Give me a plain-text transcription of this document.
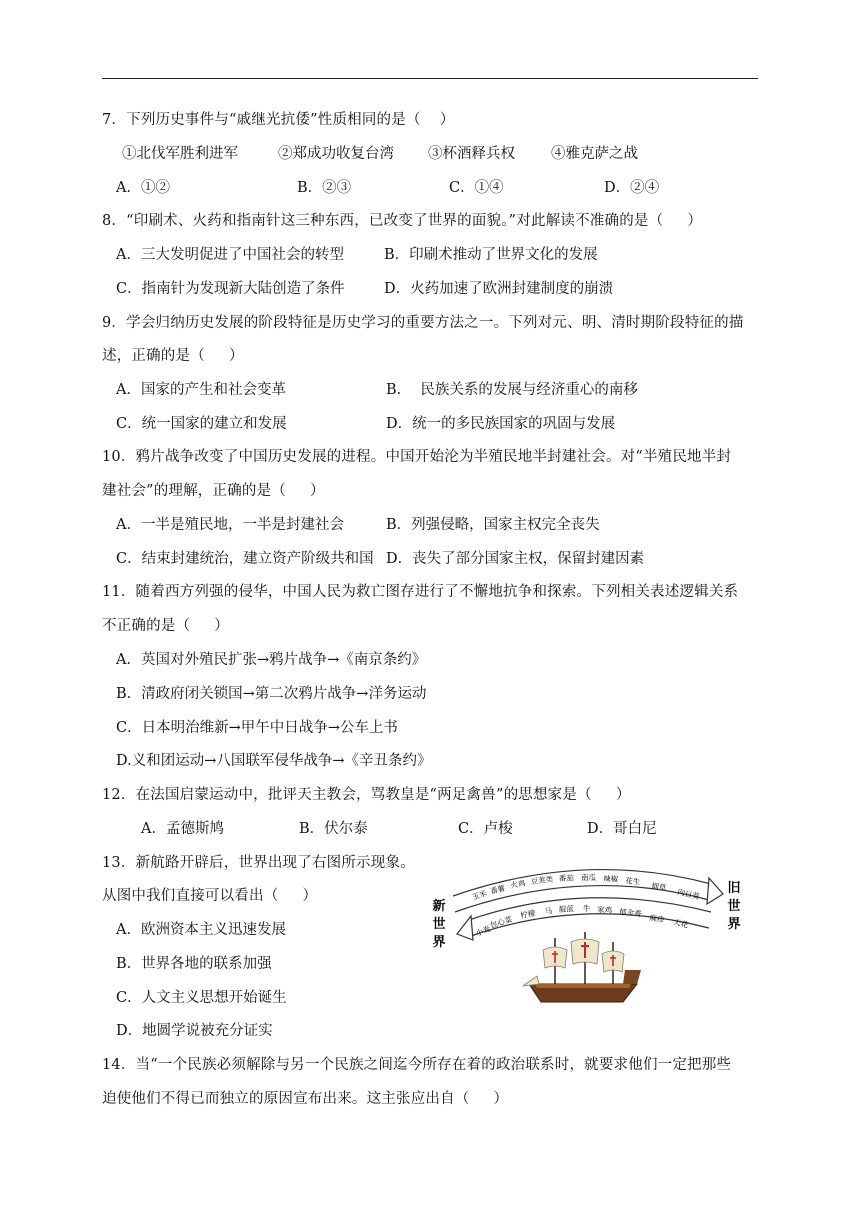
7．下列历史事件与“戚继光抗倭”性质相同的是（    ）
①北伐军胜利进军	②郑成功收复台湾 ③杯酒释兵权 ④雅克萨之战
A．①②	B．②③	C．①④	D．②④
8．“印刷术、火药和指南针这三种东西，已改变了世界的面貌。”对此解读不准确的是（     ）
A．三大发明促进了中国社会的转型	B．印刷术推动了世界文化的发展
C．指南针为发现新大陆创造了条件	D．火药加速了欧洲封建制度的崩溃
9．学会归纳历史发展的阶段特征是历史学习的重要方法之一。下列对元、明、清时期阶段特征的描
述，正确的是（     ）
A．国家的产生和社会变革	B．  民族关系的发展与经济重心的南移
C．统一国家的建立和发展	D．统一的多民族国家的巩固与发展
10．鸦片战争改变了中国历史发展的进程。中国开始沦为半殖民地半封建社会。对“半殖民地半封
建社会”的理解，正确的是（     ）
A．一半是殖民地，一半是封建社会	B．列强侵略，国家主权完全丧失
C．结束封建统治，建立资产阶级共和国 D．丧失了部分国家主权，保留封建因素
11．随着西方列强的侵华，中国人民为救亡图存进行了不懈地抗争和探索。下列相关表述逻辑关系
不正确的是（     ）
A．英国对外殖民扩张→鸦片战争→《南京条约》
B．清政府闭关锁国→第二次鸦片战争→洋务运动
C．日本明治维新→甲午中日战争→公车上书
D.义和团运动→八国联军侵华战争→《辛丑条约》
12．在法国启蒙运动中，批评天主教会，骂教皇是“两足禽兽”的思想家是（     ）
A．孟德斯鸠	B．伏尔泰	C．卢梭	D．哥白尼
13．新航路开辟后，世界出现了右图所示现象。
从图中我们直接可以看出（     ）
A．欧洲资本主义迅速发展
B．世界各地的联系加强
C．人文主义思想开始诞生
D．地圆学说被充分证实
新
世
界
旧
世
界
玉米 番薯 火鸡 豆荚类 番茄 南瓜 辣椒 花生 烟草
向日葵
小麦
包心菜
柠檬 马 靛蓝 牛 家鸡 郁金香
麻疹 天花
14．当“一个民族必须解除与另一个民族之间迄今所存在着的政治联系时，就要求他们一定把那些
迫使他们不得已而独立的原因宣布出来。这主张应出自（     ）
